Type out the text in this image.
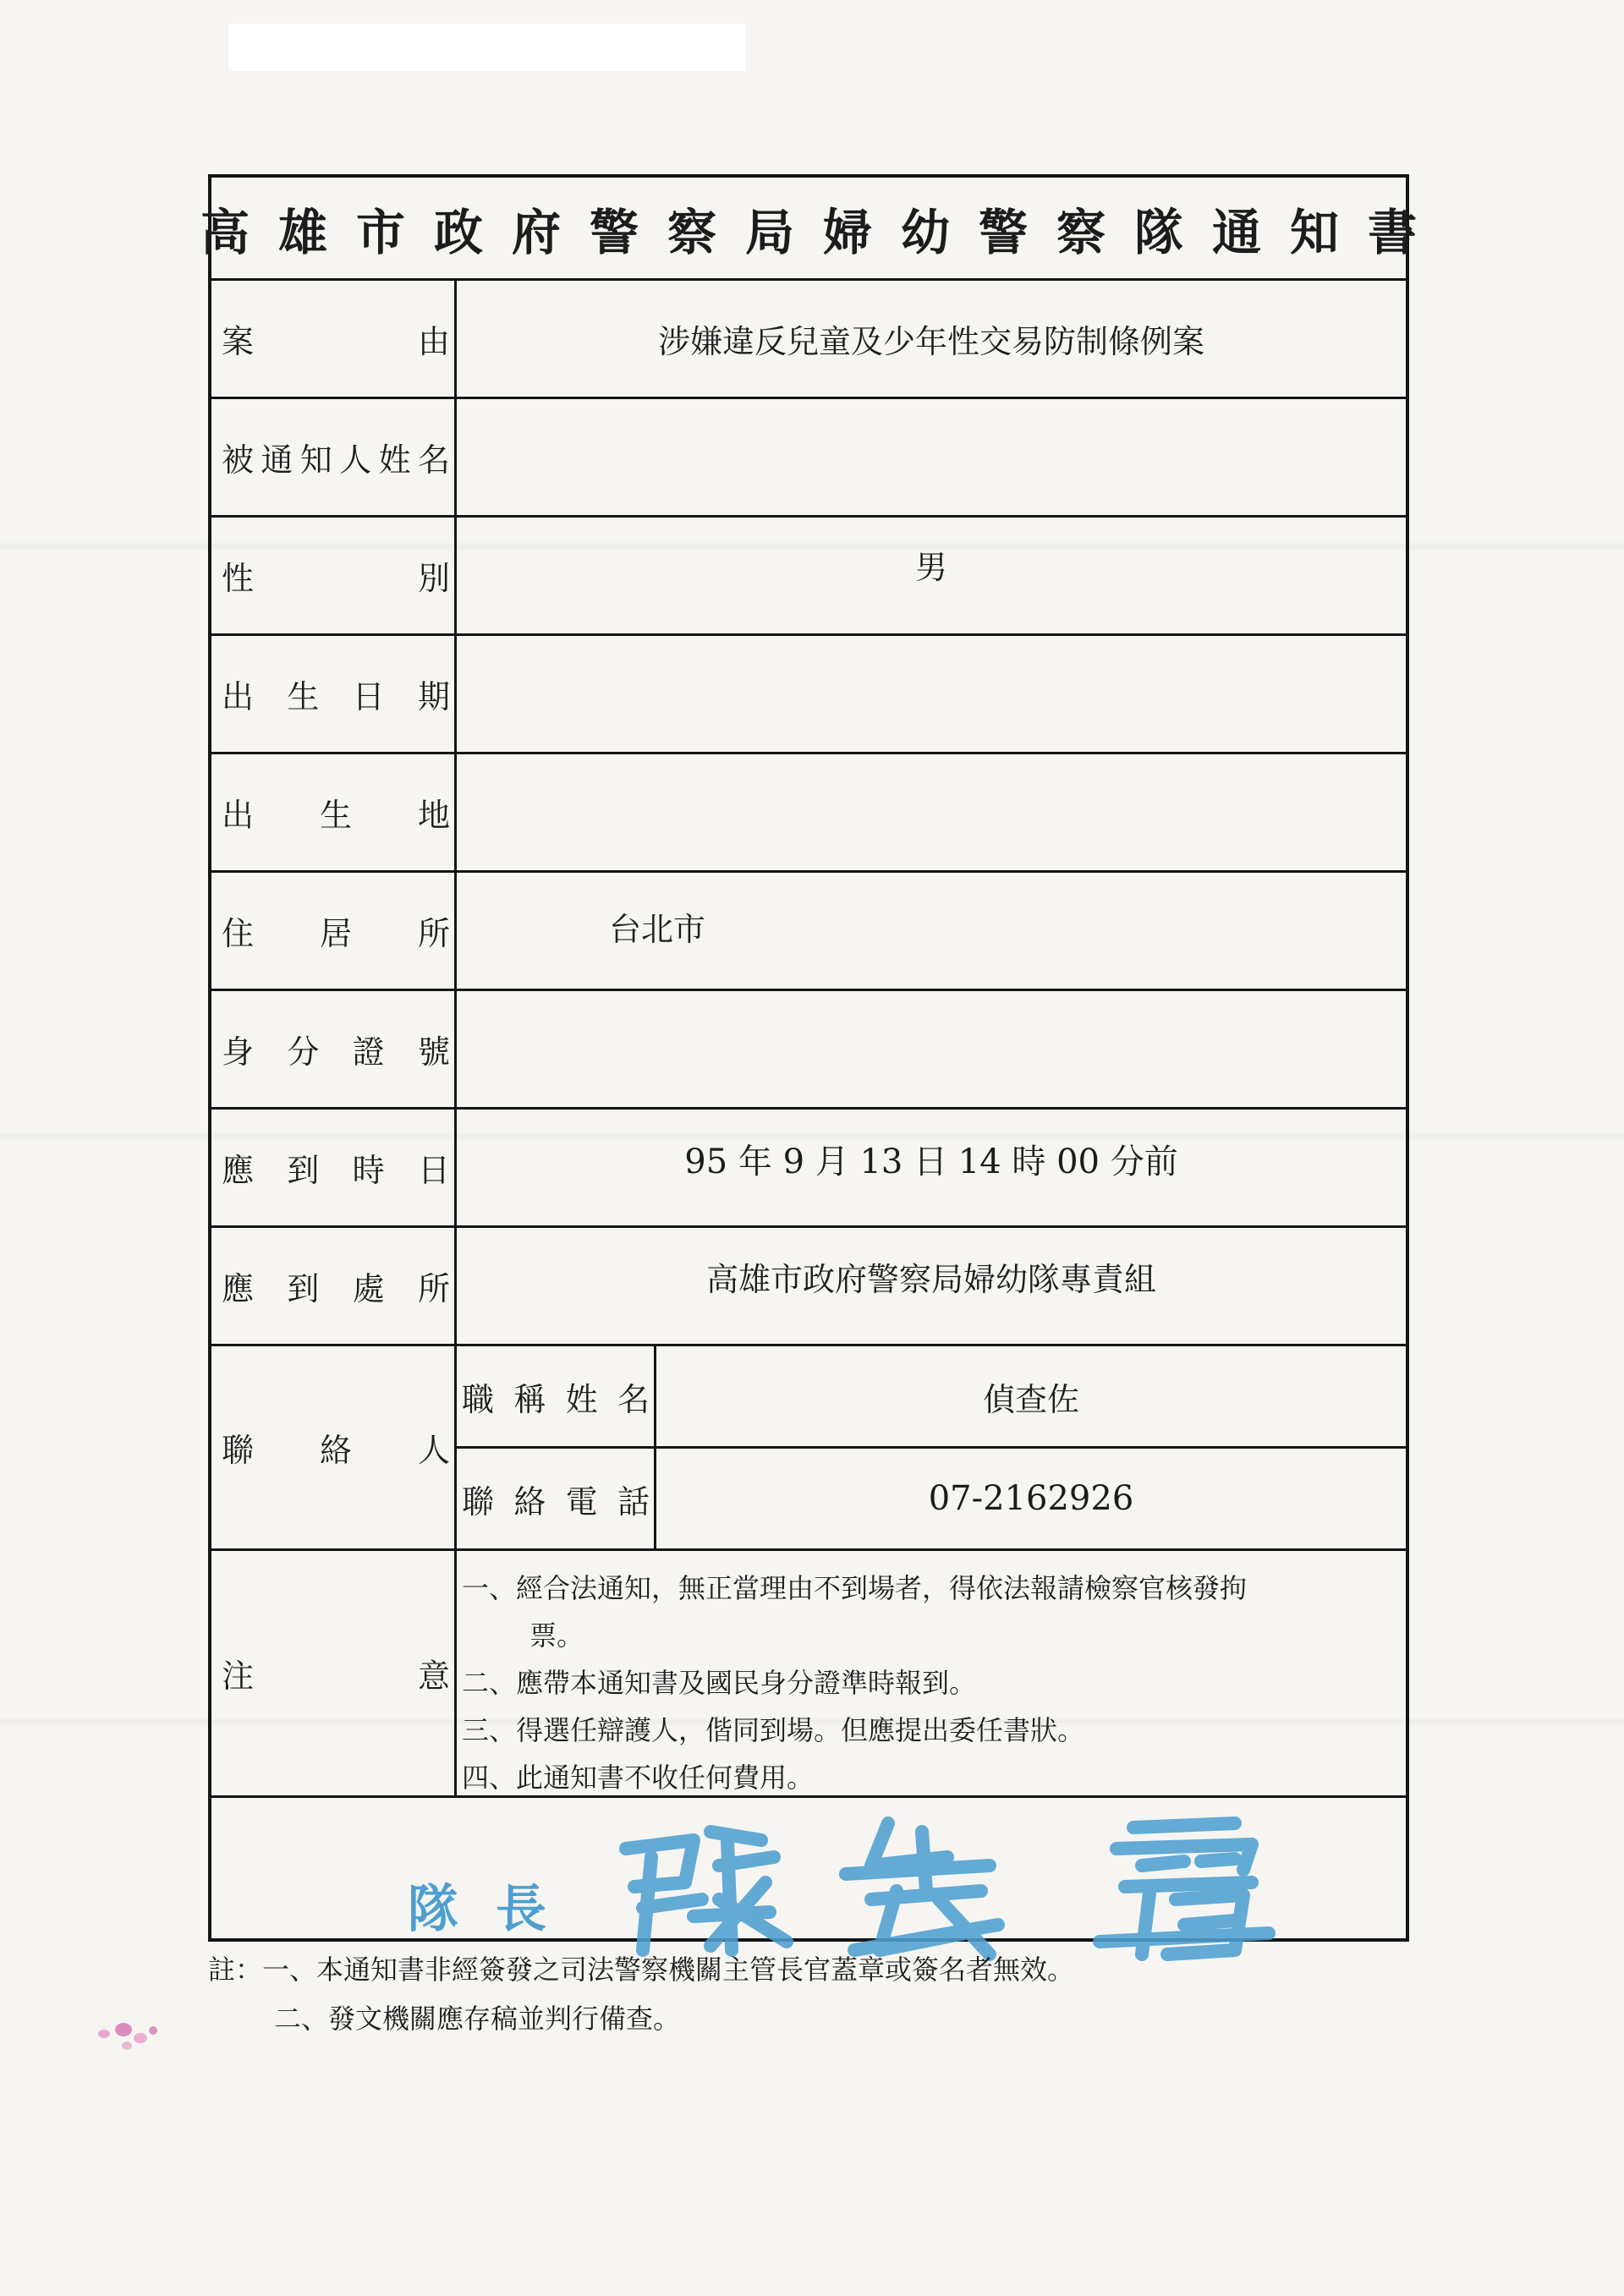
高雄市政府警察局婦幼警察隊通知書
案	由	涉嫌違反兒童及少年性交易防制條例案
被 通 知 人 姓 名
性	別	男
出 生 日 期
出 生 地
住 居 所	台北市
身 分 證 號
應 到 時 日	95 年 9 月 13 日 14 時 00 分前
應 到 處 所	高雄市政府警察局婦幼隊專責組
聯 絡 人
職 稱 姓 名	偵查佐
聯 絡 電 話	07-2162926
注	意
一、 經合法通知，無正當理由不到場者，得依法報請檢察官核發拘
票。
二、 應帶本通知書及國民身分證準時報到。
三、 得選任辯護人，偕同到場。但應提出委任書狀。
四、 此通知書不收任何費用。
隊長
註：一、本通知書非經簽發之司法警察機關主管長官蓋章或簽名者無效。
二、發文機關應存稿並判行備查。
